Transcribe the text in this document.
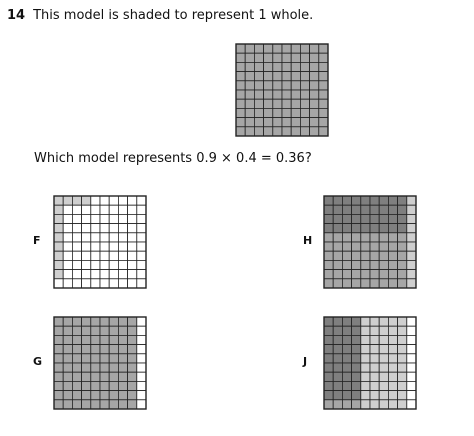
14 This model is shaded to represent 1 whole.
Which model represents 0.9 × 0.4 = 0.36?
F
G
H
J
